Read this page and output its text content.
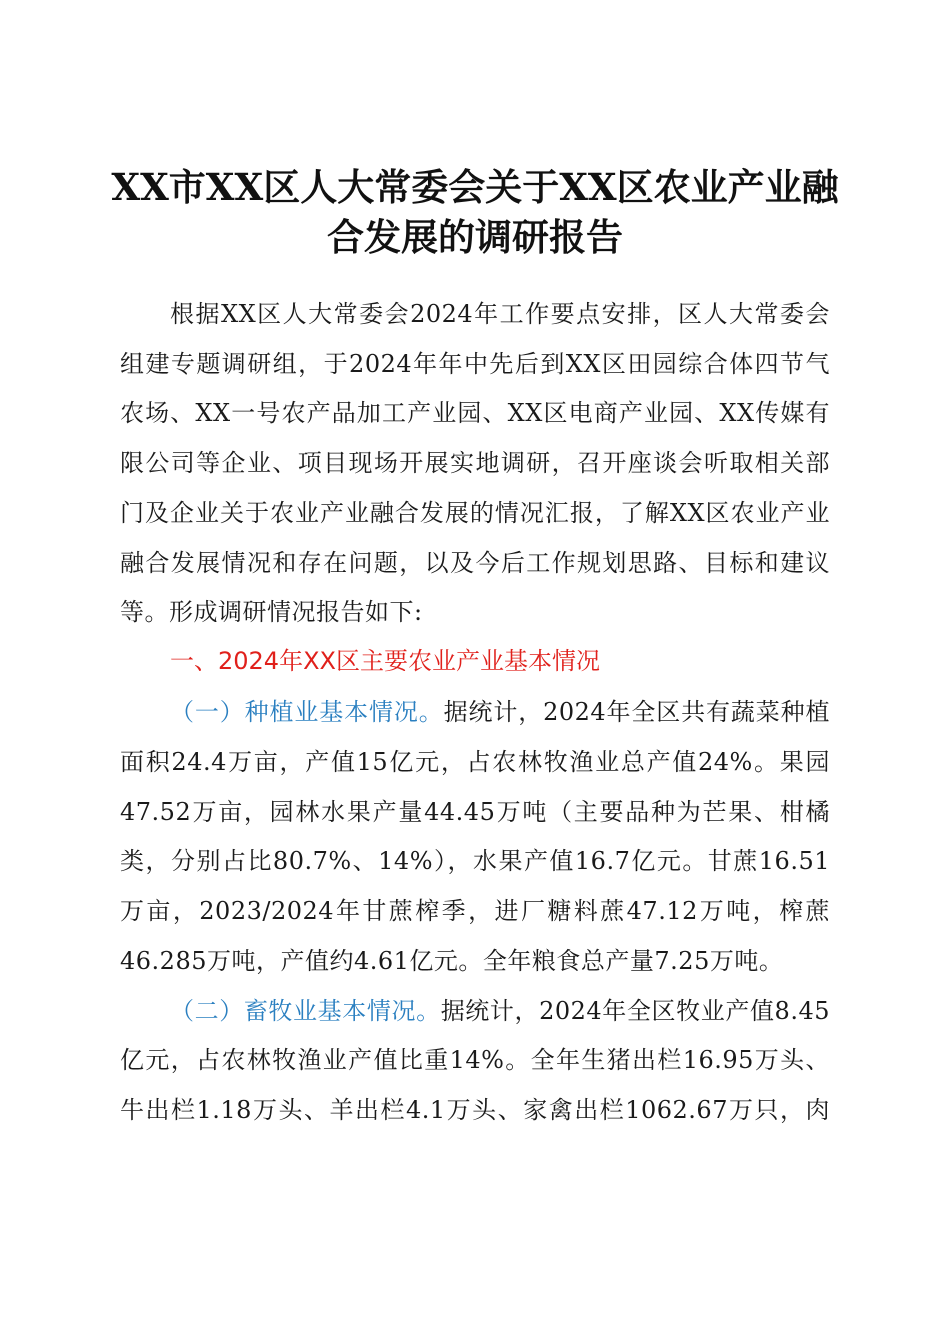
XX市XX区人大常委会关于XX区农业产业融
合发展的调研报告
根据XX区人大常委会2024年工作要点安排，区人大常委会
组建专题调研组，于2024年年中先后到XX区田园综合体四节气
农场、XX一号农产品加工产业园、XX区电商产业园、XX传媒有
限公司等企业、项目现场开展实地调研，召开座谈会听取相关部
门及企业关于农业产业融合发展的情况汇报，了解XX区农业产业
融合发展情况和存在问题，以及今后工作规划思路、目标和建议
等。形成调研情况报告如下:
一、2024年XX区主要农业产业基本情况
（一）种植业基本情况。据统计，2024年全区共有蔬菜种植
面积24.4万亩，产值15亿元，占农林牧渔业总产值24%。果园
47.52万亩，园林水果产量44.45万吨（主要品种为芒果、柑橘
类，分别占比80.7%、14%），水果产值16.7亿元。甘蔗16.51
万亩，2023/2024年甘蔗榨季，进厂糖料蔗47.12万吨，榨蔗
46.285万吨，产值约4.61亿元。全年粮食总产量7.25万吨。
（二）畜牧业基本情况。据统计，2024年全区牧业产值8.45
亿元，占农林牧渔业产值比重14%。全年生猪出栏16.95万头、
牛出栏1.18万头、羊出栏4.1万头、家禽出栏1062.67万只，肉
